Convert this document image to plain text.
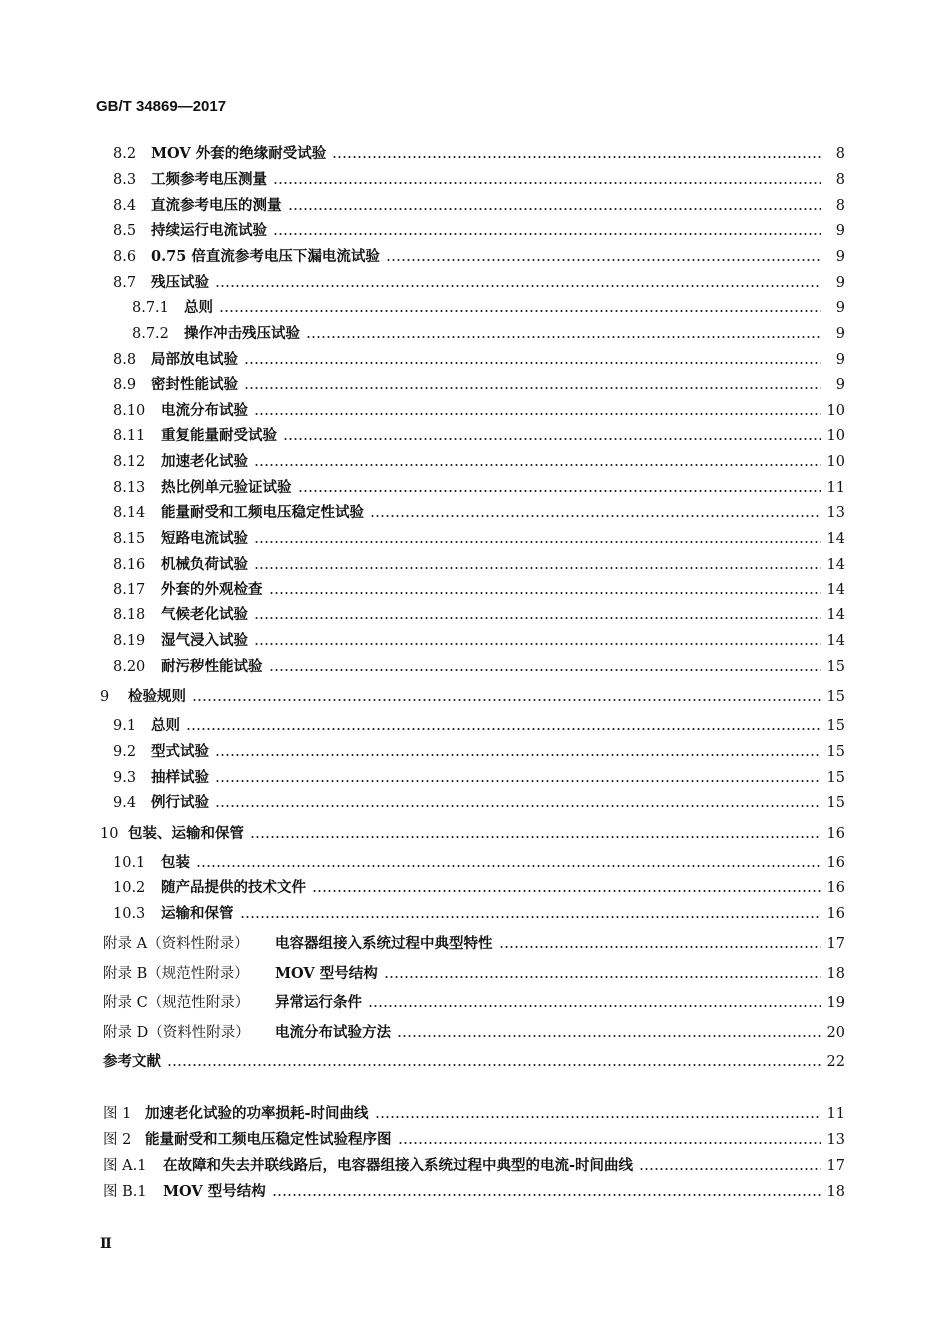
GB/T 34869—2017
8.2	MOV 外套的绝缘耐受试验	8
8.3	工频参考电压测量	8
8.4	直流参考电压的测量	8
8.5	持续运行电流试验	9
8.6	0.75 倍直流参考电压下漏电流试验	9
8.7	残压试验	9
8.7.1	总则	9
8.7.2	操作冲击残压试验	9
8.8	局部放电试验	9
8.9	密封性能试验	9
8.10	电流分布试验	10
8.11	重复能量耐受试验	10
8.12	加速老化试验	10
8.13	热比例单元验证试验	11
8.14	能量耐受和工频电压稳定性试验	13
8.15	短路电流试验	14
8.16	机械负荷试验	14
8.17	外套的外观检查	14
8.18	气候老化试验	14
8.19	湿气浸入试验	14
8.20	耐污秽性能试验	15
9	检验规则	15
9.1	总则	15
9.2	型式试验	15
9.3	抽样试验	15
9.4	例行试验	15
10 包装、运输和保管	16
10.1	包装	16
10.2	随产品提供的技术文件	16
10.3	运输和保管	16
附录 A（资料性附录）	电容器组接入系统过程中典型特性	17
附录 B（规范性附录）	MOV 型号结构	18
附录 C（规范性附录）	异常运行条件	19
附录 D（资料性附录）	电流分布试验方法	20
参考文献	22
图 1 加速老化试验的功率损耗-时间曲线	11
图 2 能量耐受和工频电压稳定性试验程序图	13
图 A.1	在故障和失去并联线路后，电容器组接入系统过程中典型的电流-时间曲线	17
图 B.1	MOV 型号结构	18
Ⅱ
